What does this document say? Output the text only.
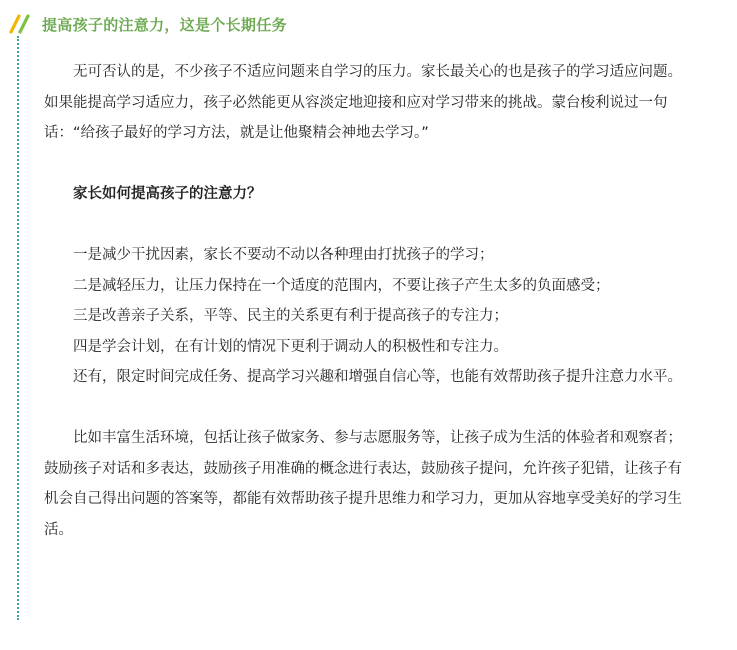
提高孩子的注意力，这是个长期任务

无可否认的是，不少孩子不适应问题来自学习的压力。家长最关心的也是孩子的学习适应问题。如果能提高学习适应力，孩子必然能更从容淡定地迎接和应对学习带来的挑战。蒙台梭利说过一句话：“给孩子最好的学习方法，就是让他聚精会神地去学习。”

家长如何提高孩子的注意力？

一是减少干扰因素，家长不要动不动以各种理由打扰孩子的学习；

二是减轻压力，让压力保持在一个适度的范围内，不要让孩子产生太多的负面感受；

三是改善亲子关系，平等、民主的关系更有利于提高孩子的专注力；

四是学会计划，在有计划的情况下更利于调动人的积极性和专注力。

还有，限定时间完成任务、提高学习兴趣和增强自信心等，也能有效帮助孩子提升注意力水平。

比如丰富生活环境，包括让孩子做家务、参与志愿服务等，让孩子成为生活的体验者和观察者；鼓励孩子对话和多表达，鼓励孩子用准确的概念进行表达，鼓励孩子提问，允许孩子犯错，让孩子有机会自己得出问题的答案等，都能有效帮助孩子提升思维力和学习力，更加从容地享受美好的学习生活。
